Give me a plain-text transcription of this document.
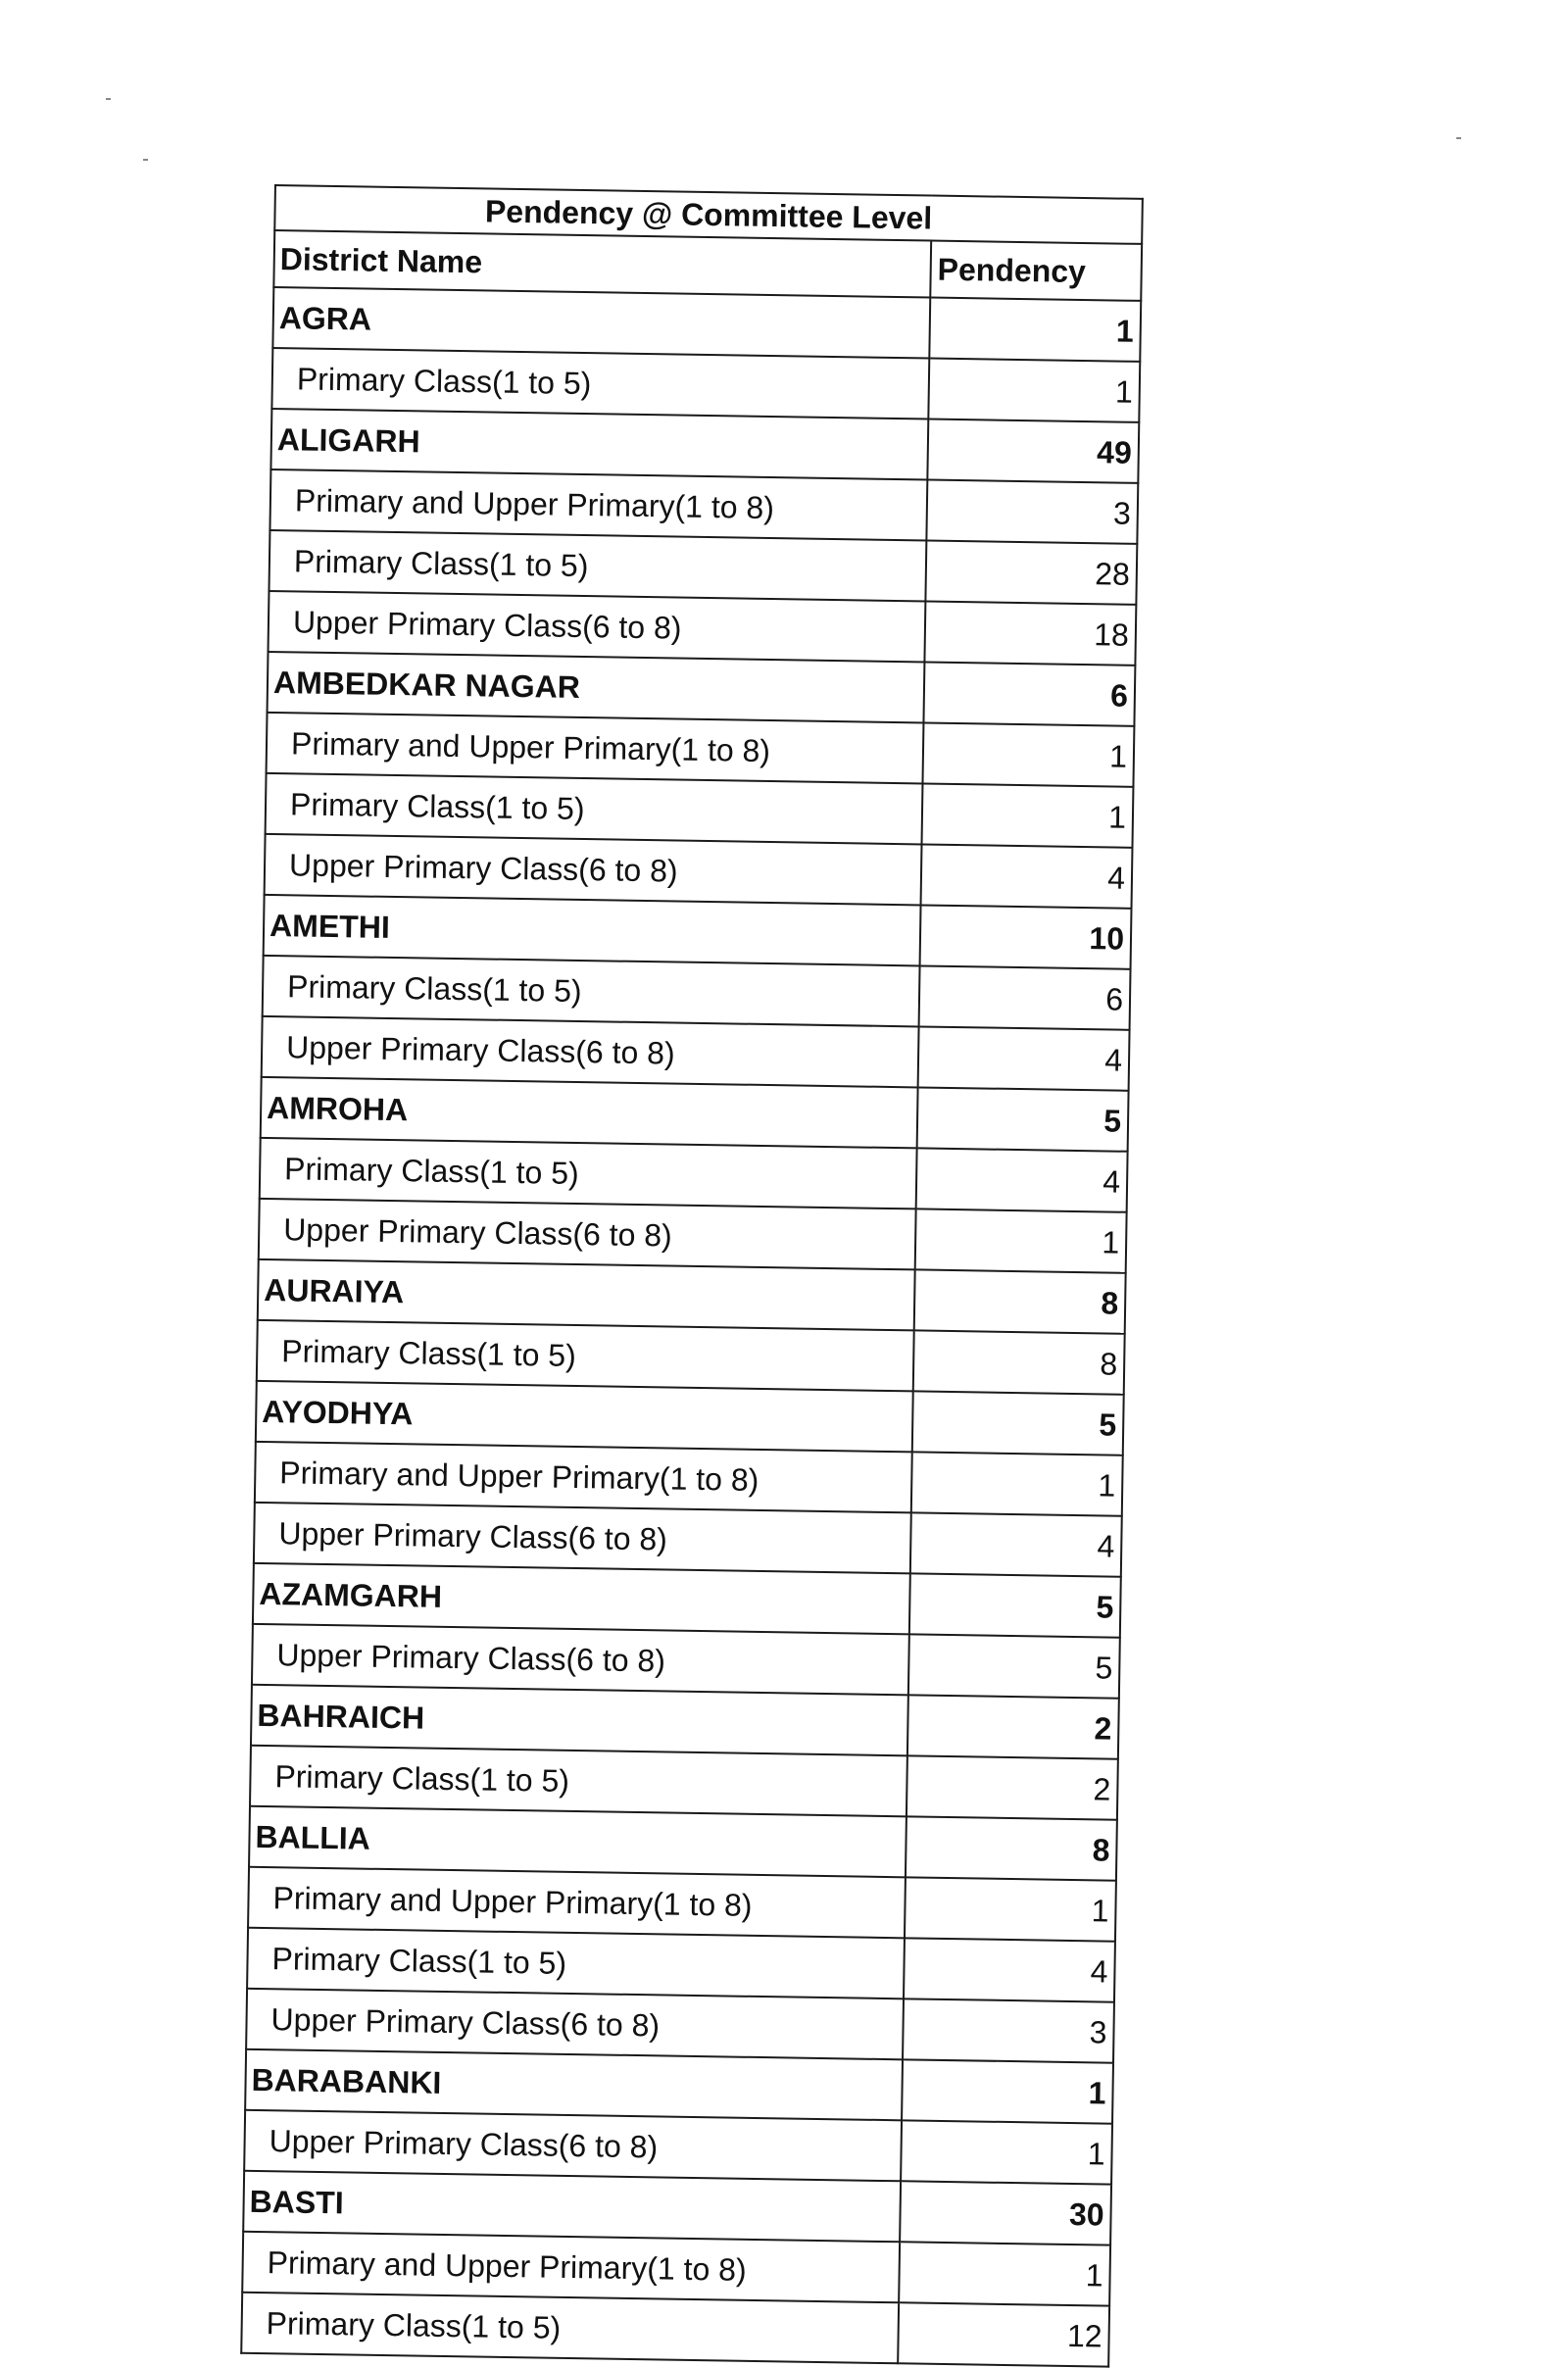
Pendency @ Committee Level	
District Name	Pendency
AGRA	1
Primary Class(1 to 5)	1
ALIGARH	49
Primary and Upper Primary(1 to 8)	3
Primary Class(1 to 5)	28
Upper Primary Class(6 to 8)	18
AMBEDKAR NAGAR	6
Primary and Upper Primary(1 to 8)	1
Primary Class(1 to 5)	1
Upper Primary Class(6 to 8)	4
AMETHI	10
Primary Class(1 to 5)	6
Upper Primary Class(6 to 8)	4
AMROHA	5
Primary Class(1 to 5)	4
Upper Primary Class(6 to 8)	1
AURAIYA	8
Primary Class(1 to 5)	8
AYODHYA	5
Primary and Upper Primary(1 to 8)	1
Upper Primary Class(6 to 8)	4
AZAMGARH	5
Upper Primary Class(6 to 8)	5
BAHRAICH	2
Primary Class(1 to 5)	2
BALLIA	8
Primary and Upper Primary(1 to 8)	1
Primary Class(1 to 5)	4
Upper Primary Class(6 to 8)	3
BARABANKI	1
Upper Primary Class(6 to 8)	1
BASTI	30
Primary and Upper Primary(1 to 8)	1
Primary Class(1 to 5)	12
